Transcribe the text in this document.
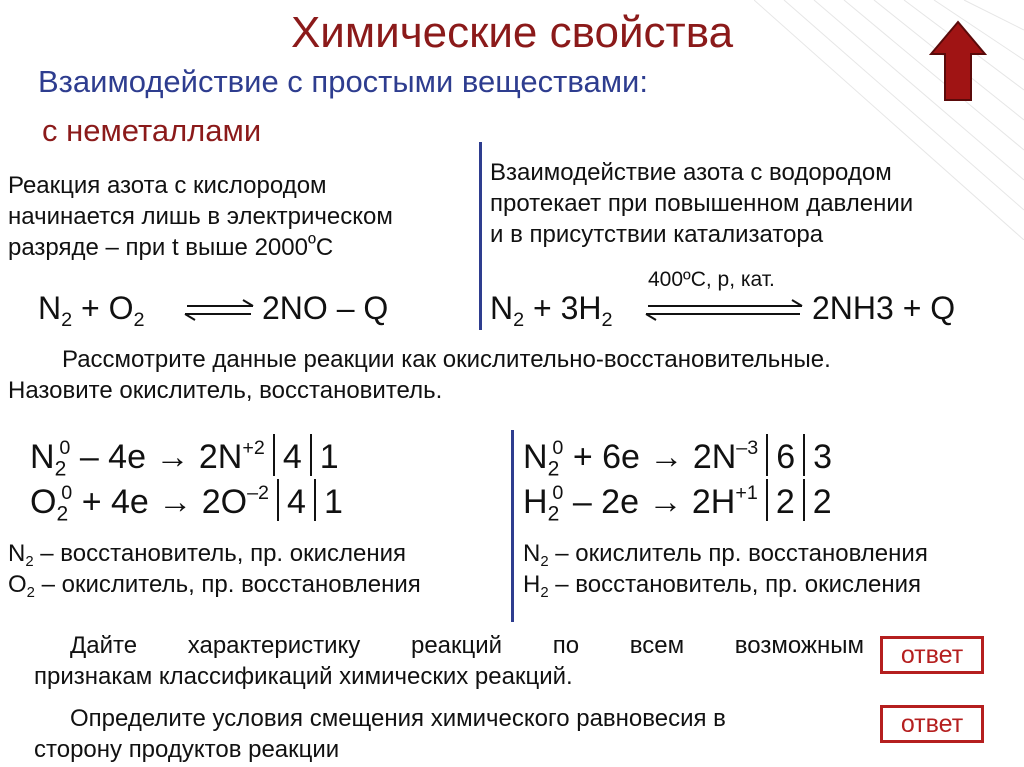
Химические свойства
Взаимодействие с простыми веществами:
с неметаллами
Реакция азота с кислородом
начинается лишь в электрическом
разряде – при t выше $2000^ºС$
$N_2 + O_2$	2NO – Q
Взаимодействие азота с водородом
протекает при повышенном давлении
и в присутствии катализатора
400ºС, р, кат.
$N_2 + 3H_2$	2NH3 + Q
Рассмотрите данные реакции как окислительно-восстановительные.
Назовите окислитель, восстановитель.
$N_2^0 - 4e \to 2N^{+2}$ 4 1
$O_2^0 + 4e \to 2O^{-2}$ 4 1
$N_2$ – восстановитель, пр. окисления
$O_2$ – окислитель, пр. восстановления
$N_2^0 + 6e \to 2N^{-3}$ 6 3
$H_2^0 - 2e \to 2H^{+1}$ 2 2
$N_2$ – окислитель пр. восстановления
$H_2$ – восстановитель, пр. окисления
Дайте характеристику реакций по всем возможным
признакам классификаций химических реакций.
ответ
Определите условия смещения химического равновесия в
сторону продуктов реакции
ответ
